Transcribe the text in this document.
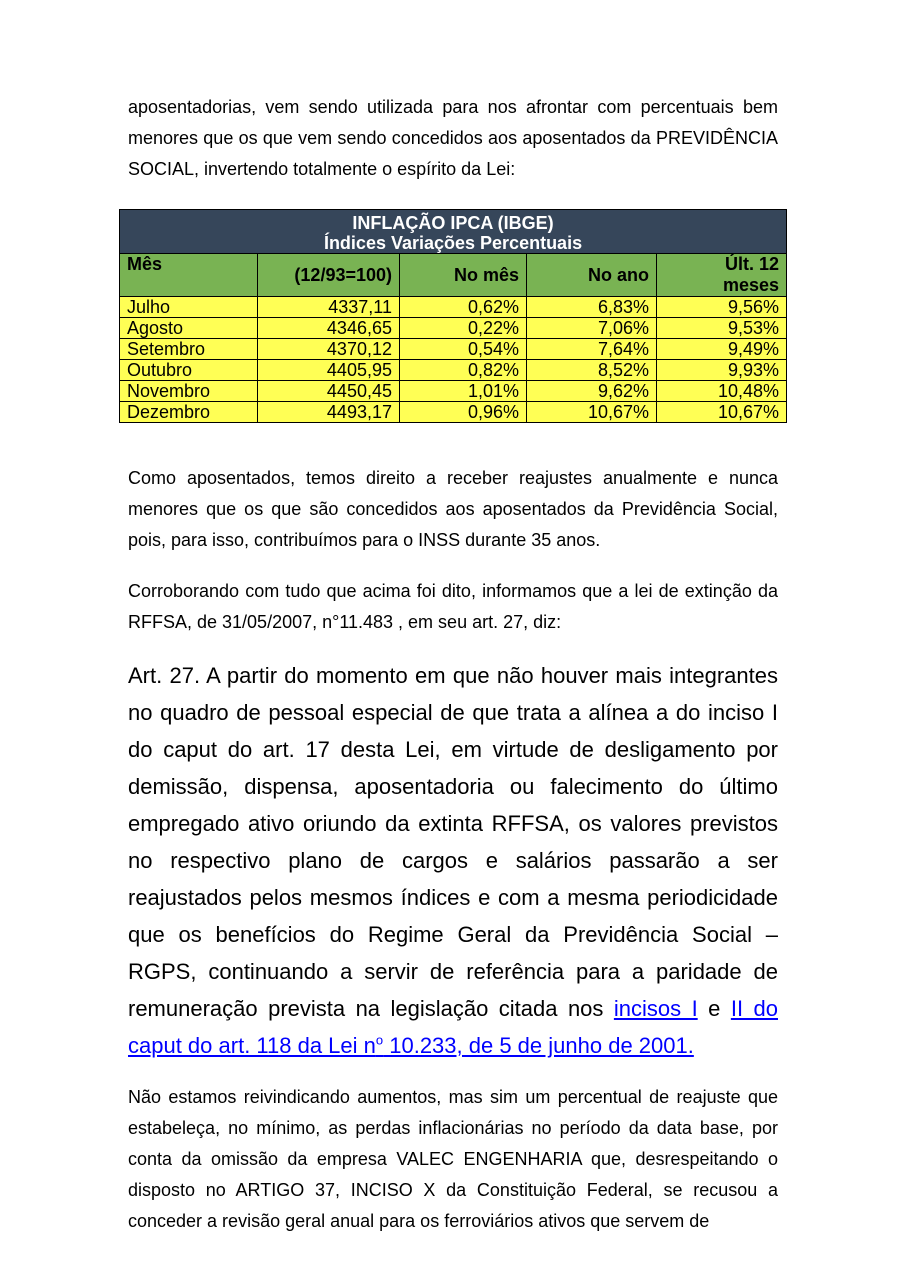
aposentadorias, vem sendo utilizada para nos afrontar com percentuais bem menores que os que vem sendo concedidos aos aposentados da PREVIDÊNCIA SOCIAL, invertendo totalmente o espírito da Lei:

INFLAÇÃO IPCA (IBGE)
Índices Variações Percentuais				

Mês	(12/93=100)	No mês	No ano	Últ. 12
meses
Julho	4337,11	0,62%	6,83%	9,56%
Agosto	4346,65	0,22%	7,06%	9,53%
Setembro	4370,12	0,54%	7,64%	9,49%
Outubro	4405,95	0,82%	8,52%	9,93%
Novembro	4450,45	1,01%	9,62%	10,48%
Dezembro	4493,17	0,96%	10,67%	10,67%

Como aposentados, temos direito a receber reajustes anualmente e nunca menores que os que são concedidos aos aposentados da Previdência Social, pois, para isso, contribuímos para o INSS durante 35 anos.

Corroborando com tudo que acima foi dito, informamos que a lei de extinção da RFFSA, de 31/05/2007, n°11.483 , em seu art. 27, diz:

Art. 27. A partir do momento em que não houver mais integrantes no quadro de pessoal especial de que trata a alínea a do inciso I do caput do art. 17 desta Lei, em virtude de desligamento por demissão, dispensa, aposentadoria ou falecimento do último empregado ativo oriundo da extinta RFFSA, os valores previstos no respectivo plano de cargos e salários passarão a ser reajustados pelos mesmos índices e com a mesma periodicidade que os benefícios do Regime Geral da Previdência Social – RGPS, continuando a servir de referência para a paridade de remuneração prevista na legislação citada nos incisos I e II do caput do art. 118 da Lei n$^o$ 10.233, de 5 de junho de 2001.

Não estamos reivindicando aumentos, mas sim um percentual de reajuste que estabeleça, no mínimo, as perdas inflacionárias no período da data base, por conta da omissão da empresa VALEC ENGENHARIA que, desrespeitando o disposto no ARTIGO 37, INCISO X da Constituição Federal, se recusou a conceder a revisão geral anual para os ferroviários ativos que servem de
